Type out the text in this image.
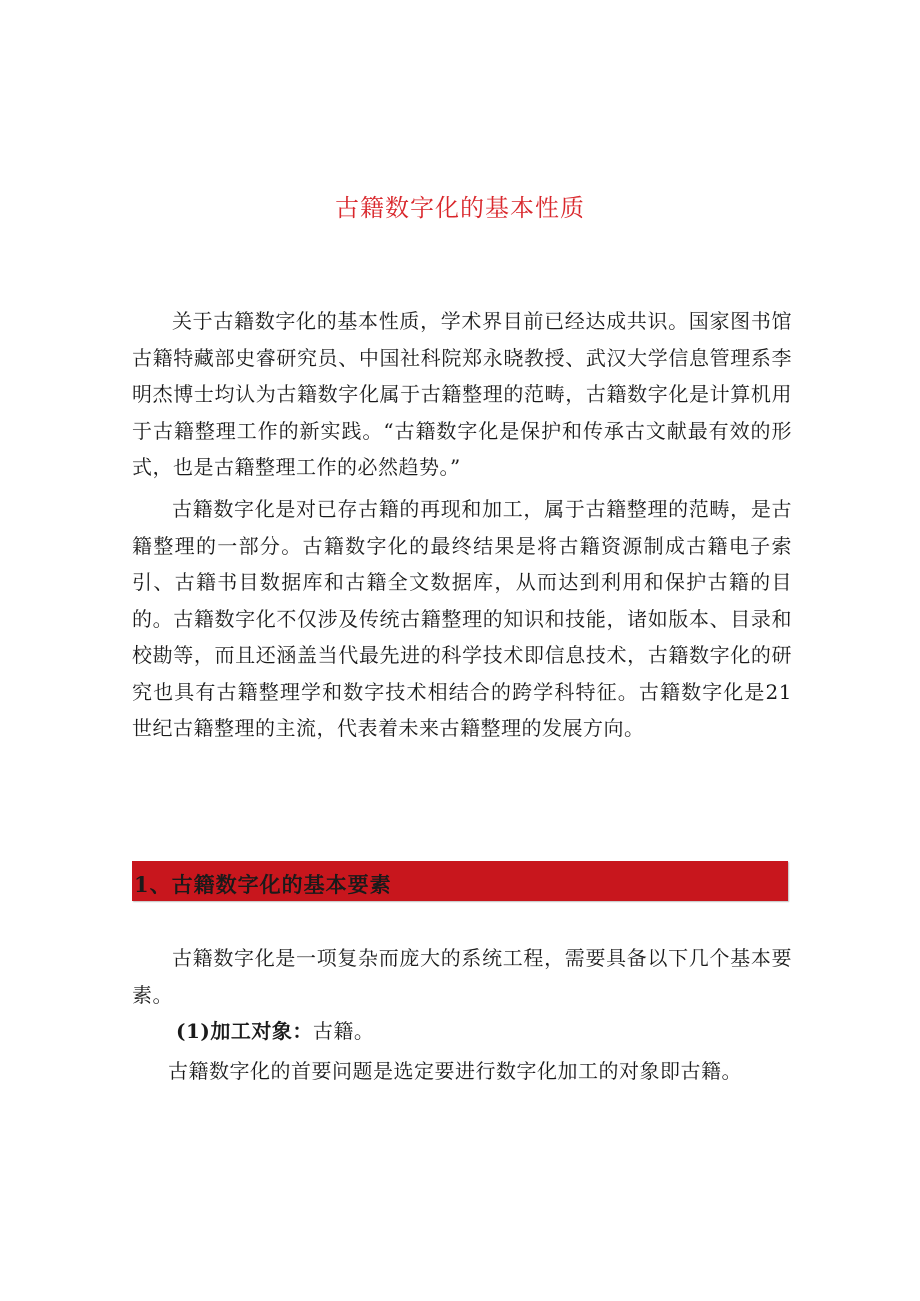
古籍数字化的基本性质

关于古籍数字化的基本性质，学术界目前已经达成共识。国家图书馆古籍特藏部史睿研究员、中国社科院郑永晓教授、武汉大学信息管理系李明杰博士均认为古籍数字化属于古籍整理的范畴，古籍数字化是计算机用于古籍整理工作的新实践。“古籍数字化是保护和传承古文献最有效的形式，也是古籍整理工作的必然趋势。”

古籍数字化是对已存古籍的再现和加工，属于古籍整理的范畴，是古籍整理的一部分。古籍数字化的最终结果是将古籍资源制成古籍电子索引、古籍书目数据库和古籍全文数据库，从而达到利用和保护古籍的目的。古籍数字化不仅涉及传统古籍整理的知识和技能，诸如版本、目录和校勘等，而且还涵盖当代最先进的科学技术即信息技术，古籍数字化的研究也具有古籍整理学和数字技术相结合的跨学科特征。古籍数字化是21世纪古籍整理的主流，代表着未来古籍整理的发展方向。

1、古籍数字化的基本要素

古籍数字化是一项复杂而庞大的系统工程，需要具备以下几个基本要素。

(1)加工对象：古籍。

古籍数字化的首要问题是选定要进行数字化加工的对象即古籍。
